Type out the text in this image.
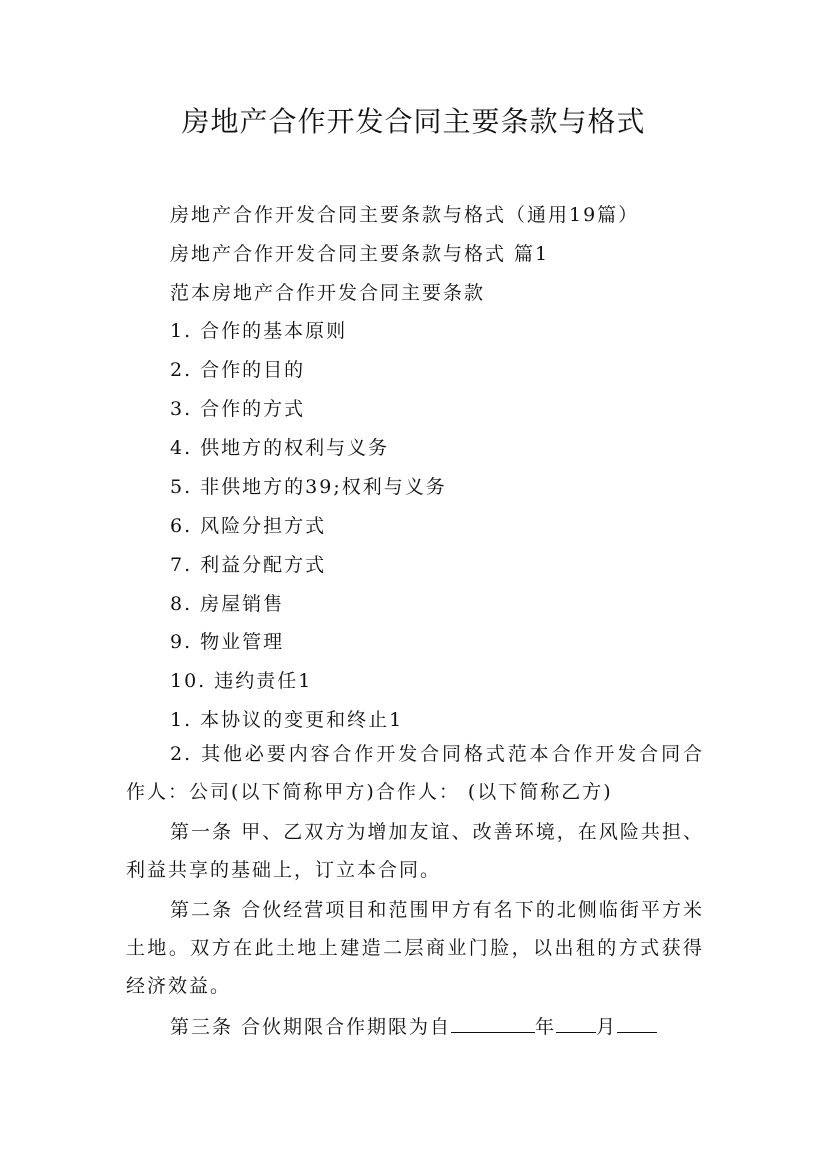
房地产合作开发合同主要条款与格式
房地产合作开发合同主要条款与格式（通用19篇）
房地产合作开发合同主要条款与格式 篇1
范本房地产合作开发合同主要条款
1. 合作的基本原则
2. 合作的目的
3. 合作的方式
4. 供地方的权利与义务
5. 非供地方的39;权利与义务
6. 风险分担方式
7. 利益分配方式
8. 房屋销售
9. 物业管理
10. 违约责任1
1. 本协议的变更和终止1
2. 其他必要内容合作开发合同格式范本合作开发合同合作人：公司(以下简称甲方)合作人： (以下简称乙方)
第一条 甲、乙双方为增加友谊、改善环境，在风险共担、利益共享的基础上，订立本合同。
第二条 合伙经营项目和范围甲方有名下的北侧临街平方米土地。双方在此土地上建造二层商业门脸，以出租的方式获得经济效益。
第三条 合伙期限合作期限为自	年 月
